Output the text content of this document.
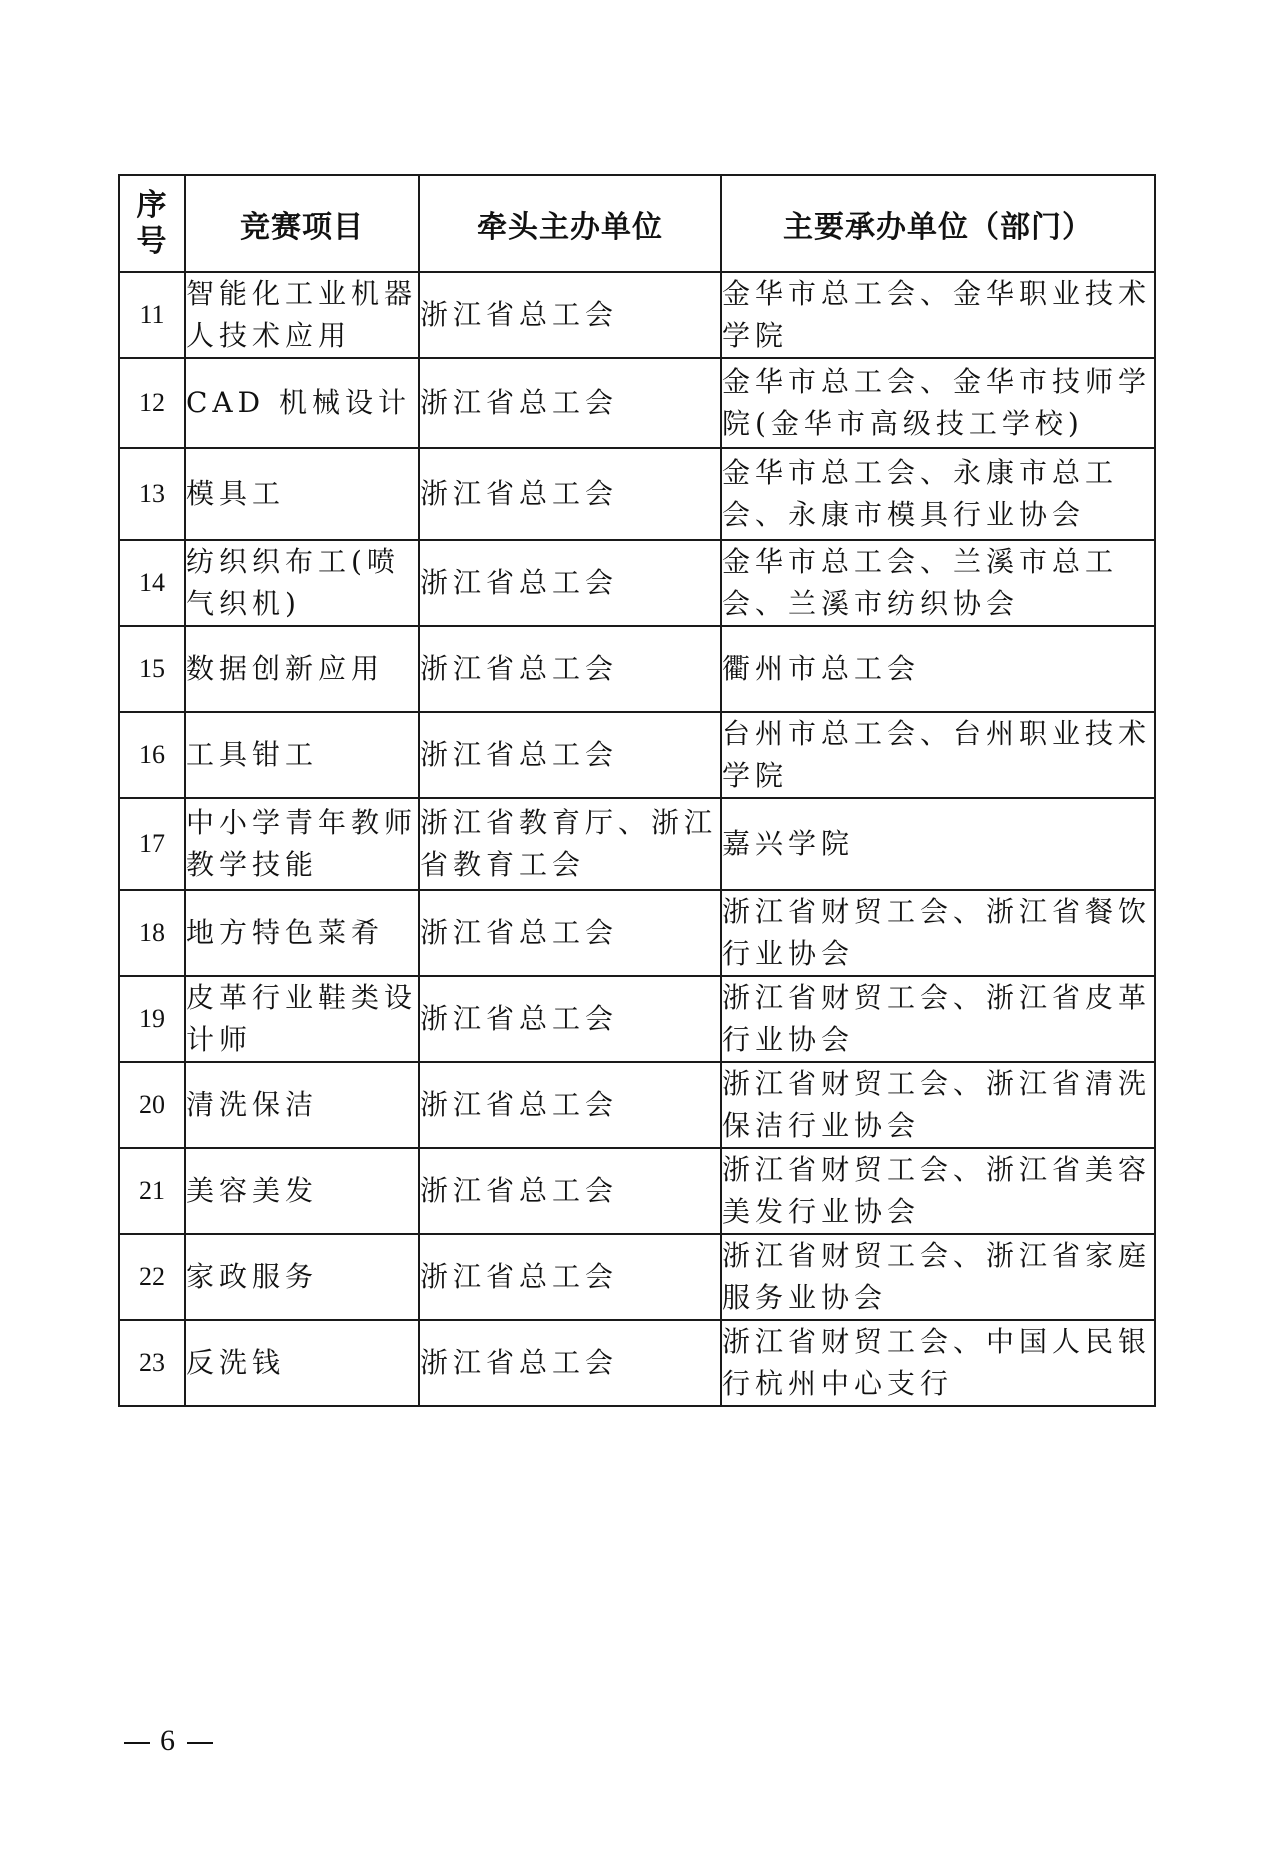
序
号	竞赛项目	牵头主办单位	主要承办单位（部门）
11	智能化工业机器人技术应用	浙江省总工会	金华市总工会、金华职业技术学院
12	CAD 机械设计	浙江省总工会	金华市总工会、金华市技师学院(金华市高级技工学校)
13	模具工	浙江省总工会	金华市总工会、永康市总工会、永康市模具行业协会
14	纺织织布工(喷气织机)	浙江省总工会	金华市总工会、兰溪市总工会、兰溪市纺织协会
15	数据创新应用	浙江省总工会	衢州市总工会
16	工具钳工	浙江省总工会	台州市总工会、台州职业技术学院
17	中小学青年教师教学技能	浙江省教育厅、浙江省教育工会	嘉兴学院
18	地方特色菜肴	浙江省总工会	浙江省财贸工会、浙江省餐饮行业协会
19	皮革行业鞋类设计师	浙江省总工会	浙江省财贸工会、浙江省皮革行业协会
20	清洗保洁	浙江省总工会	浙江省财贸工会、浙江省清洗保洁行业协会
21	美容美发	浙江省总工会	浙江省财贸工会、浙江省美容美发行业协会
22	家政服务	浙江省总工会	浙江省财贸工会、浙江省家庭服务业协会
23	反洗钱	浙江省总工会	浙江省财贸工会、中国人民银行杭州中心支行
6
